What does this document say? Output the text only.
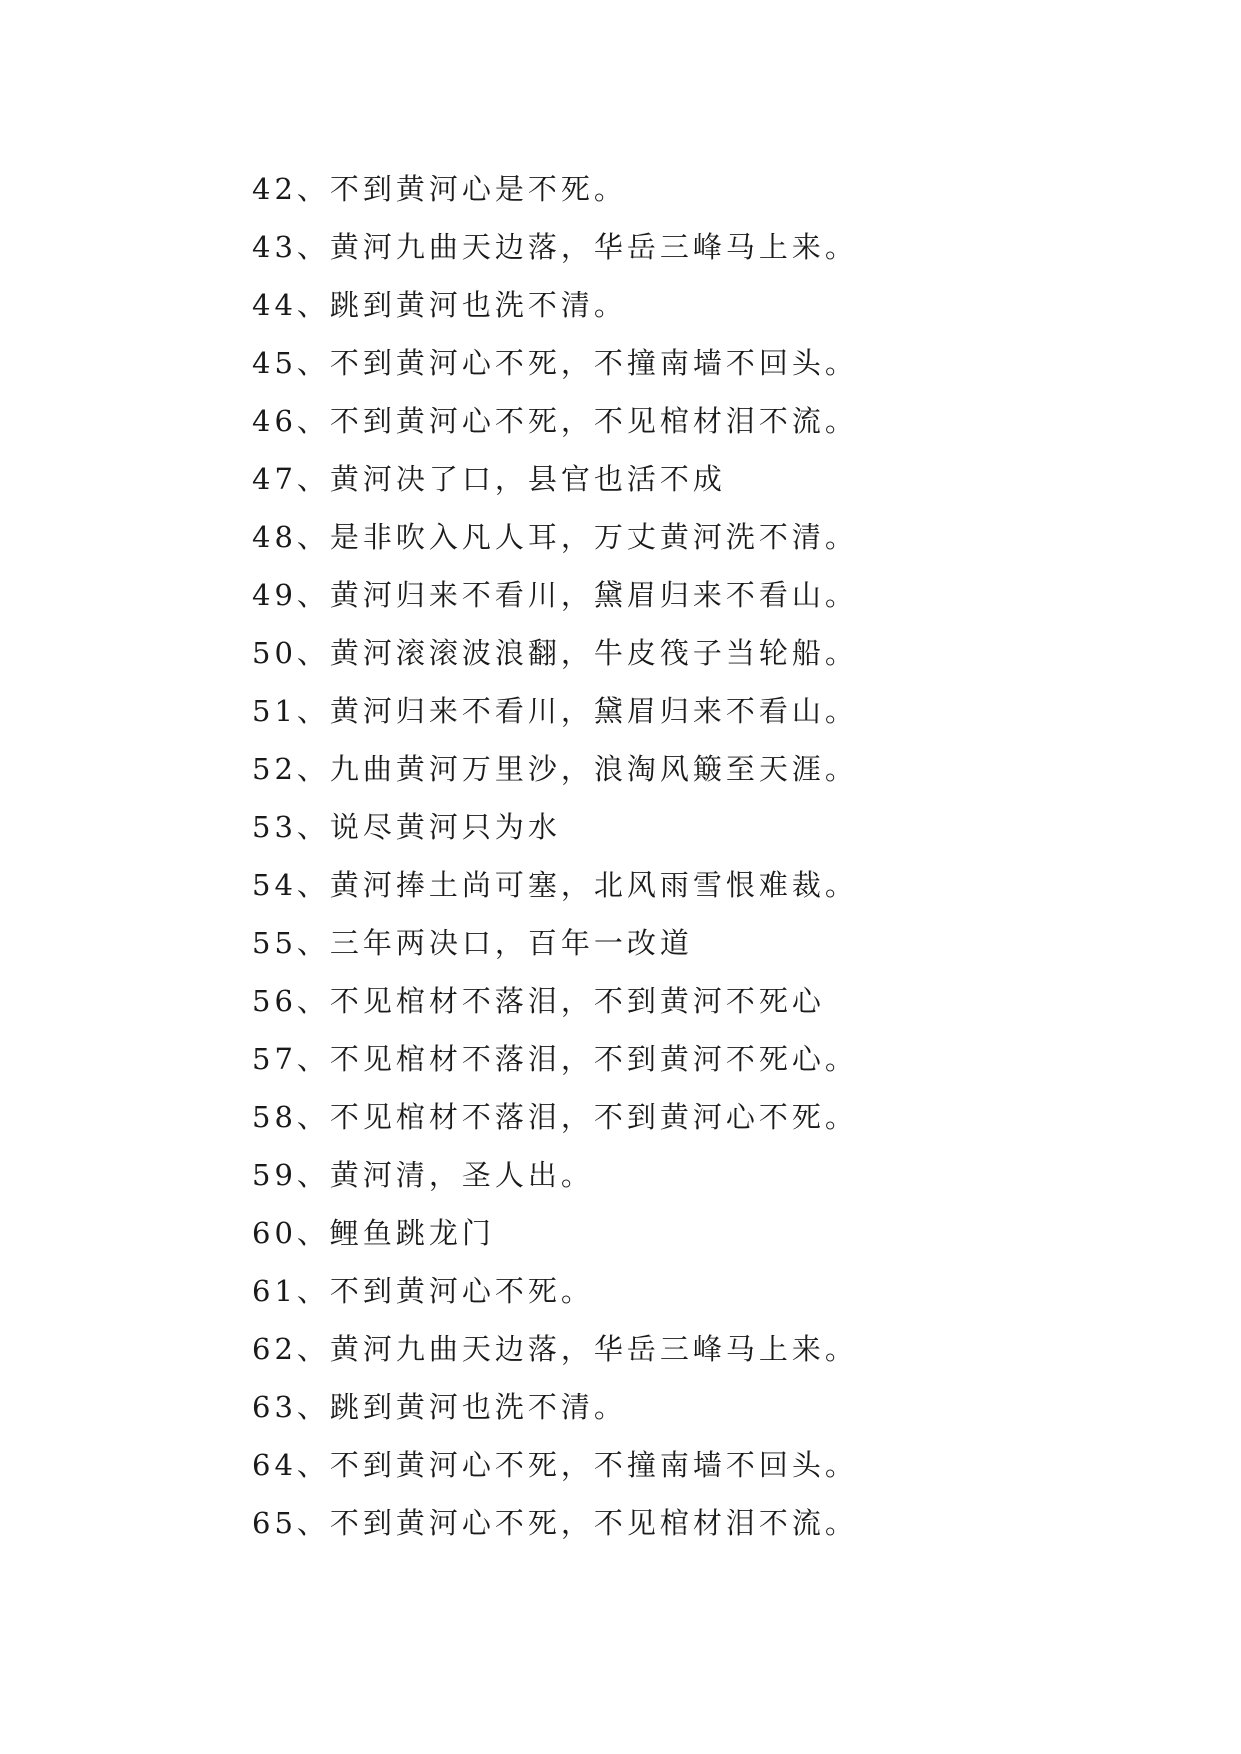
42、不到黄河心是不死。
43、黄河九曲天边落，华岳三峰马上来。
44、跳到黄河也洗不清。
45、不到黄河心不死，不撞南墙不回头。
46、不到黄河心不死，不见棺材泪不流。
47、黄河决了口，县官也活不成
48、是非吹入凡人耳，万丈黄河洗不清。
49、黄河归来不看川，黛眉归来不看山。
50、黄河滚滚波浪翻，牛皮筏子当轮船。
51、黄河归来不看川，黛眉归来不看山。
52、九曲黄河万里沙，浪淘风簸至天涯。
53、说尽黄河只为水
54、黄河捧土尚可塞，北风雨雪恨难裁。
55、三年两决口，百年一改道
56、不见棺材不落泪，不到黄河不死心
57、不见棺材不落泪，不到黄河不死心。
58、不见棺材不落泪，不到黄河心不死。
59、黄河清，圣人出。
60、鲤鱼跳龙门
61、不到黄河心不死。
62、黄河九曲天边落，华岳三峰马上来。
63、跳到黄河也洗不清。
64、不到黄河心不死，不撞南墙不回头。
65、不到黄河心不死，不见棺材泪不流。
